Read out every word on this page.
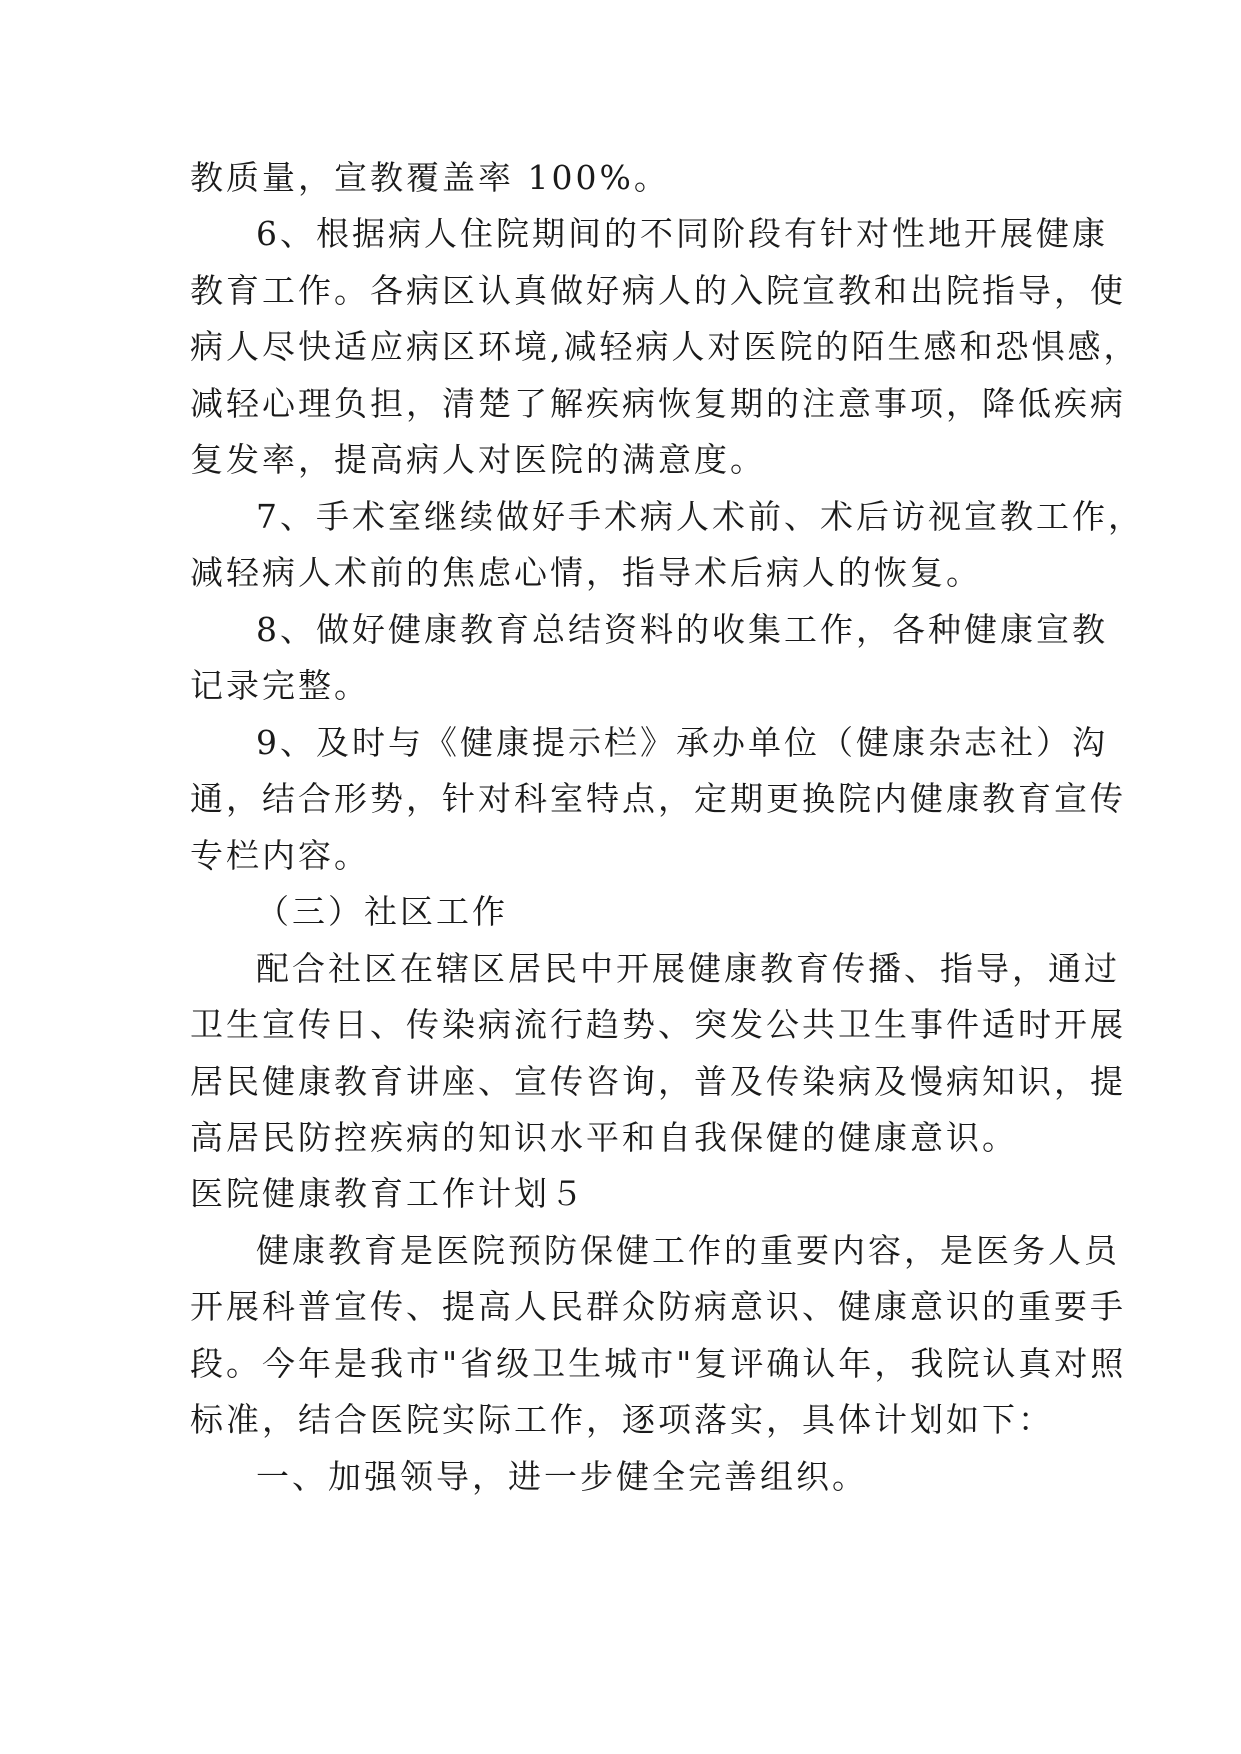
教质量，宣教覆盖率 100%。
6、根据病人住院期间的不同阶段有针对性地开展健康
教育工作。各病区认真做好病人的入院宣教和出院指导，使
病人尽快适应病区环境,减轻病人对医院的陌生感和恐惧感，
减轻心理负担，清楚了解疾病恢复期的注意事项，降低疾病
复发率，提高病人对医院的满意度。
7、手术室继续做好手术病人术前、术后访视宣教工作，
减轻病人术前的焦虑心情，指导术后病人的恢复。
8、做好健康教育总结资料的收集工作，各种健康宣教
记录完整。
9、及时与《健康提示栏》承办单位（健康杂志社）沟
通，结合形势，针对科室特点，定期更换院内健康教育宣传
专栏内容。
（三）社区工作
配合社区在辖区居民中开展健康教育传播、指导，通过
卫生宣传日、传染病流行趋势、突发公共卫生事件适时开展
居民健康教育讲座、宣传咨询，普及传染病及慢病知识，提
高居民防控疾病的知识水平和自我保健的健康意识。
医院健康教育工作计划５
健康教育是医院预防保健工作的重要内容，是医务人员
开展科普宣传、提高人民群众防病意识、健康意识的重要手
段。今年是我市"省级卫生城市"复评确认年，我院认真对照
标准，结合医院实际工作，逐项落实，具体计划如下：
一、加强领导，进一步健全完善组织。
